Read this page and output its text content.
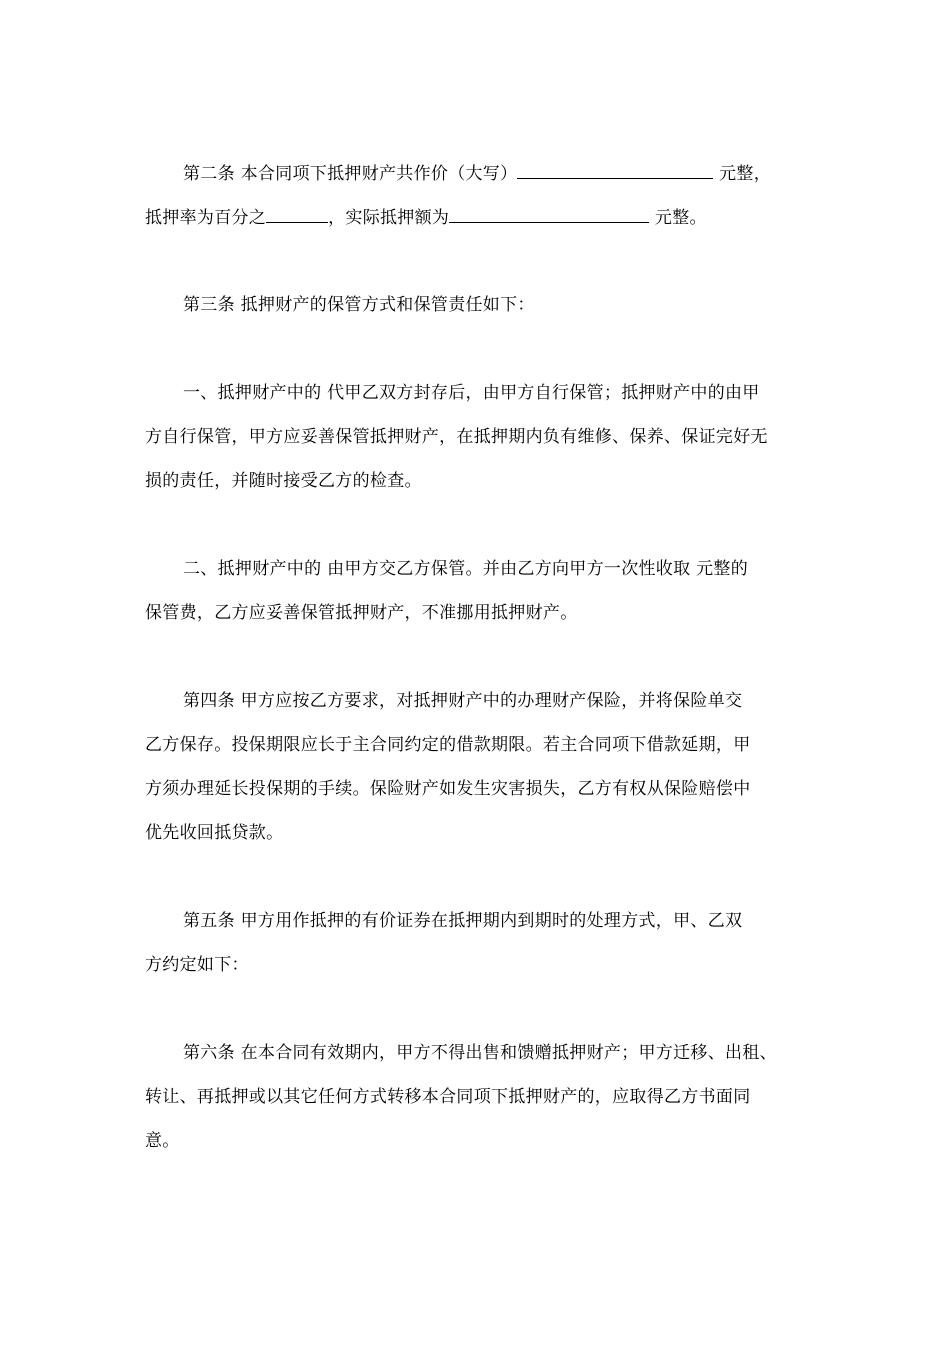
第二条 本合同项下抵押财产共作价（大写）	元整，
抵押率为百分之	，实际抵押额为	元整。
第三条 抵押财产的保管方式和保管责任如下：
一、抵押财产中的 代甲乙双方封存后，由甲方自行保管；抵押财产中的由甲
方自行保管，甲方应妥善保管抵押财产，在抵押期内负有维修、保养、保证完好无
损的责任，并随时接受乙方的检查。
二、抵押财产中的 由甲方交乙方保管。并由乙方向甲方一次性收取 元整的
保管费，乙方应妥善保管抵押财产，不准挪用抵押财产。
第四条 甲方应按乙方要求，对抵押财产中的办理财产保险，并将保险单交
乙方保存。投保期限应长于主合同约定的借款期限。若主合同项下借款延期，甲
方须办理延长投保期的手续。保险财产如发生灾害损失，乙方有权从保险赔偿中
优先收回抵贷款。
第五条 甲方用作抵押的有价证券在抵押期内到期时的处理方式，甲、乙双
方约定如下：
第六条 在本合同有效期内，甲方不得出售和馈赠抵押财产；甲方迁移、出租、
转让、再抵押或以其它任何方式转移本合同项下抵押财产的，应取得乙方书面同
意。
